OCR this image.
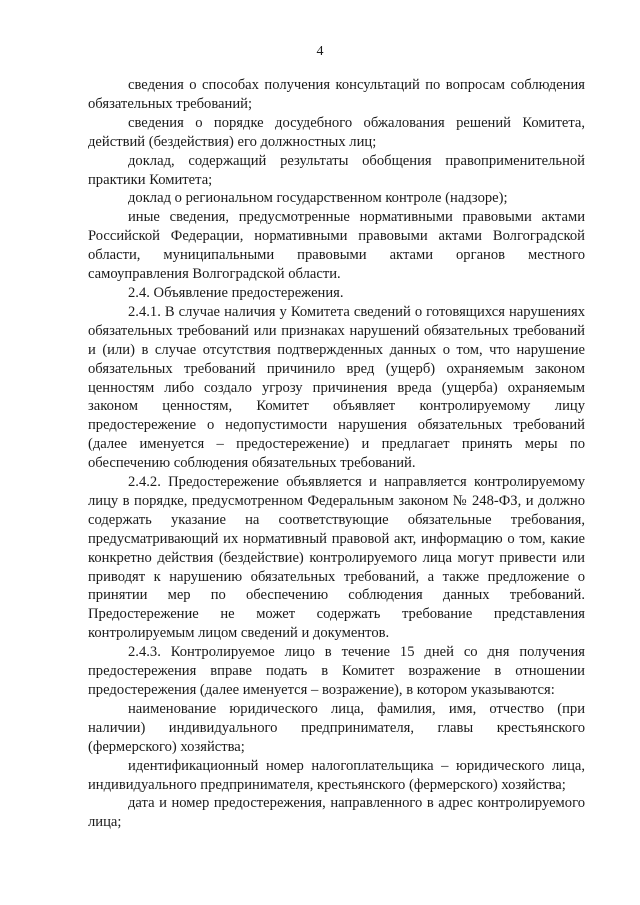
4

сведения о способах получения консультаций по вопросам соблюдения обязательных требований;

сведения о порядке досудебного обжалования решений Комитета, действий (бездействия) его должностных лиц;

доклад, содержащий результаты обобщения правоприменительной практики Комитета;

доклад о региональном государственном контроле (надзоре);

иные сведения, предусмотренные нормативными правовыми актами Российской Федерации, нормативными правовыми актами Волгоградской области, муниципальными правовыми актами органов местного самоуправления Волгоградской области.

2.4. Объявление предостережения.

2.4.1. В случае наличия у Комитета сведений о готовящихся нарушениях обязательных требований или признаках нарушений обязательных требований и (или) в случае отсутствия подтвержденных данных о том, что нарушение обязательных требований причинило вред (ущерб) охраняемым законом ценностям либо создало угрозу причинения вреда (ущерба) охраняемым законом ценностям, Комитет объявляет контролируемому лицу предостережение о недопустимости нарушения обязательных требований (далее именуется – предостережение) и предлагает принять меры по обеспечению соблюдения обязательных требований.

2.4.2. Предостережение объявляется и направляется контролируемому лицу в порядке, предусмотренном Федеральным законом № 248-ФЗ, и должно содержать указание на соответствующие обязательные требования, предусматривающий их нормативный правовой акт, информацию о том, какие конкретно действия (бездействие) контролируемого лица могут привести или приводят к нарушению обязательных требований, а также предложение о принятии мер по обеспечению соблюдения данных требований. Предостережение не может содержать требование представления контролируемым лицом сведений и документов.

2.4.3. Контролируемое лицо в течение 15 дней со дня получения предостережения вправе подать в Комитет возражение в отношении предостережения (далее именуется – возражение), в котором указываются:

наименование юридического лица, фамилия, имя, отчество (при наличии) индивидуального предпринимателя, главы крестьянского (фермерского) хозяйства;

идентификационный номер налогоплательщика – юридического лица, индивидуального предпринимателя, крестьянского (фермерского) хозяйства;

дата и номер предостережения, направленного в адрес контролируемого лица;
